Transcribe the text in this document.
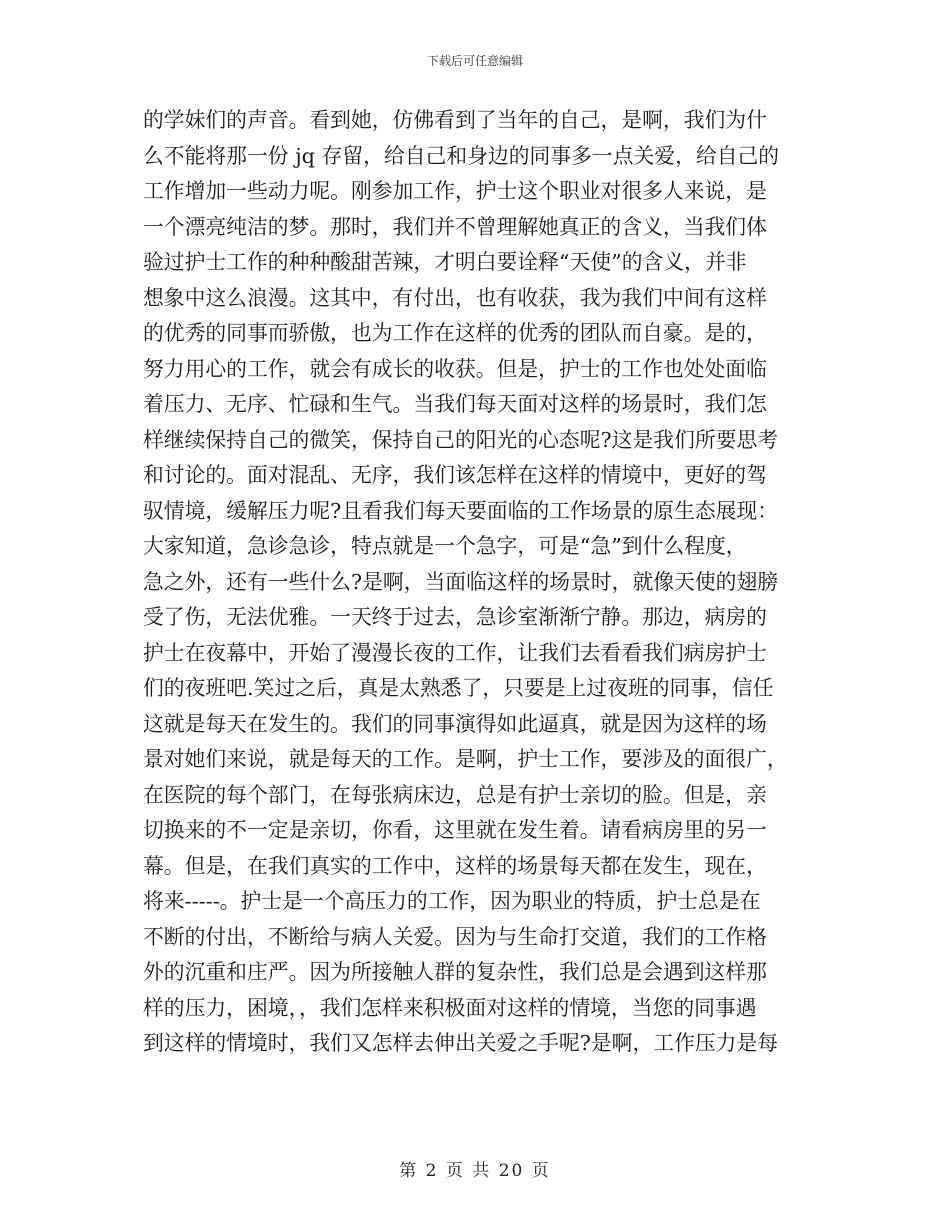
下载后可任意编辑
的学妹们的声音。看到她，仿佛看到了当年的自己，是啊，我们为什
么不能将那一份 jq 存留，给自己和身边的同事多一点关爱，给自己的
工作增加一些动力呢。刚参加工作，护士这个职业对很多人来说，是
一个漂亮纯洁的梦。那时，我们并不曾理解她真正的含义，当我们体
验过护士工作的种种酸甜苦辣，才明白要诠释“天使”的含义，并非
想象中这么浪漫。这其中，有付出，也有收获，我为我们中间有这样
的优秀的同事而骄傲，也为工作在这样的优秀的团队而自豪。是的，
努力用心的工作，就会有成长的收获。但是，护士的工作也处处面临
着压力、无序、忙碌和生气。当我们每天面对这样的场景时，我们怎
样继续保持自己的微笑，保持自己的阳光的心态呢?这是我们所要思考
和讨论的。面对混乱、无序，我们该怎样在这样的情境中，更好的驾
驭情境，缓解压力呢?且看我们每天要面临的工作场景的原生态展现：
大家知道，急诊急诊，特点就是一个急字，可是“急”到什么程度，
急之外，还有一些什么?是啊，当面临这样的场景时，就像天使的翅膀
受了伤，无法优雅。一天终于过去，急诊室渐渐宁静。那边，病房的
护士在夜幕中，开始了漫漫长夜的工作，让我们去看看我们病房护士
们的夜班吧.笑过之后，真是太熟悉了，只要是上过夜班的同事，信任
这就是每天在发生的。我们的同事演得如此逼真，就是因为这样的场
景对她们来说，就是每天的工作。是啊，护士工作，要涉及的面很广，
在医院的每个部门，在每张病床边，总是有护士亲切的脸。但是，亲
切换来的不一定是亲切，你看，这里就在发生着。请看病房里的另一
幕。但是，在我们真实的工作中，这样的场景每天都在发生，现在，
将来-----。护士是一个高压力的工作，因为职业的特质，护士总是在
不断的付出，不断给与病人关爱。因为与生命打交道，我们的工作格
外的沉重和庄严。因为所接触人群的复杂性，我们总是会遇到这样那
样的压力，困境，，我们怎样来积极面对这样的情境，当您的同事遇
到这样的情境时，我们又怎样去伸出关爱之手呢?是啊，工作压力是每
第 2 页 共 20 页
